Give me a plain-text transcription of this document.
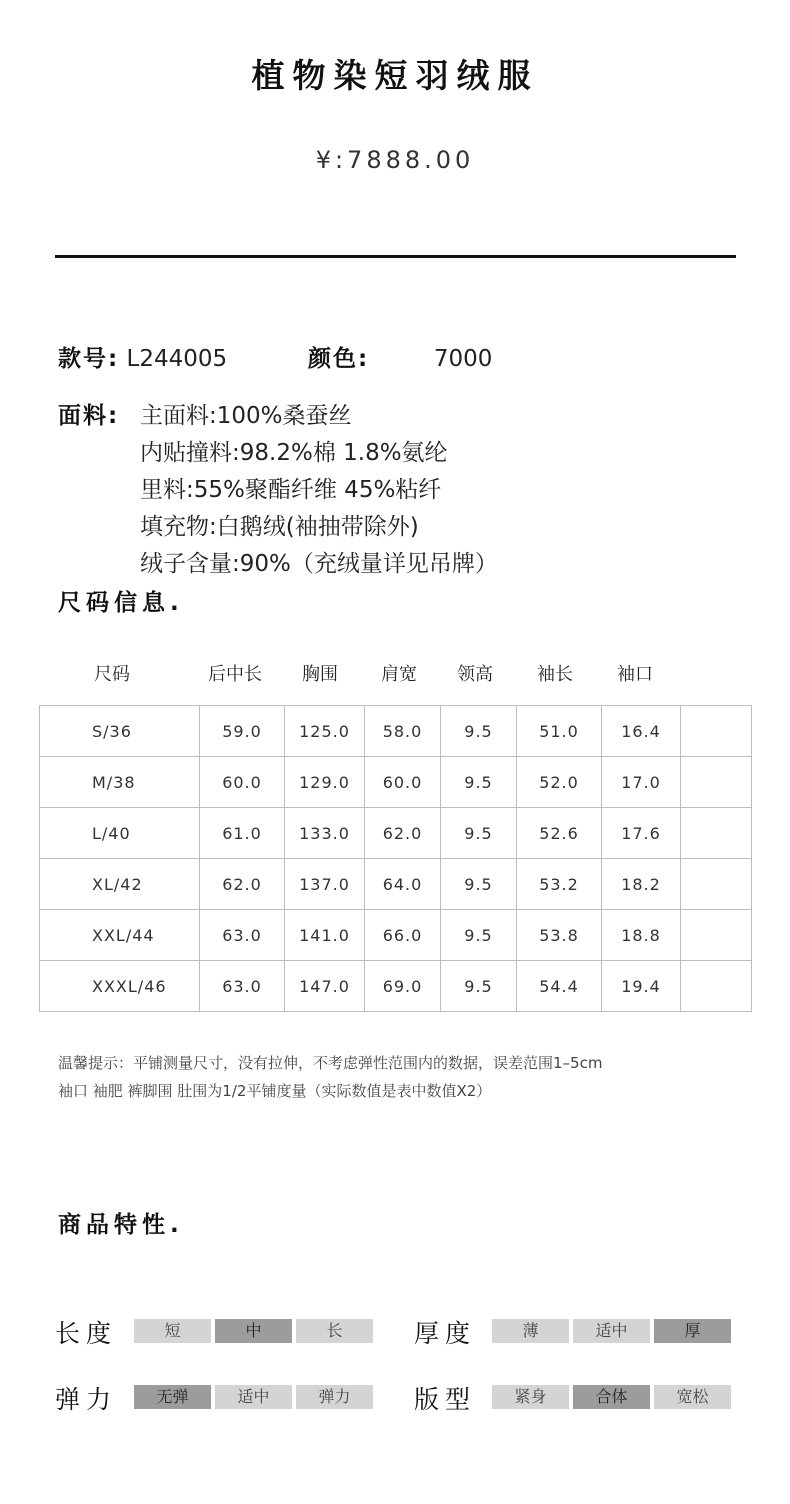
植物染短羽绒服
¥:7888.00
款号: L244005	颜色:	7000
面料: 主面料:100%桑蚕丝
内贴撞料:98.2%棉 1.8%氨纶
里料:55%聚酯纤维 45%粘纤
填充物:白鹅绒(袖抽带除外)
绒子含量:90%（充绒量详见吊牌）
尺码信息.
尺码	后中长 胸围 肩宽 领高 袖长 袖口
S/36	59.0	125.0	58.0	9.5	51.0	16.4	
M/38	60.0	129.0	60.0	9.5	52.0	17.0	
L/40	61.0	133.0	62.0	9.5	52.6	17.6	
XL/42	62.0	137.0	64.0	9.5	53.2	18.2	
XXL/44	63.0	141.0	66.0	9.5	53.8	18.8	
XXXL/46	63.0	147.0	69.0	9.5	54.4	19.4	
温馨提示：平铺测量尺寸，没有拉伸，不考虑弹性范围内的数据，误差范围1–5cm
袖口 袖肥 裤脚围 肚围为1/2平铺度量（实际数值是表中数值X2）
商品特性.
长度	短	中	长	厚度	薄	适中	厚
弹力	无弹	适中	弹力	版型	紧身	合体	宽松
